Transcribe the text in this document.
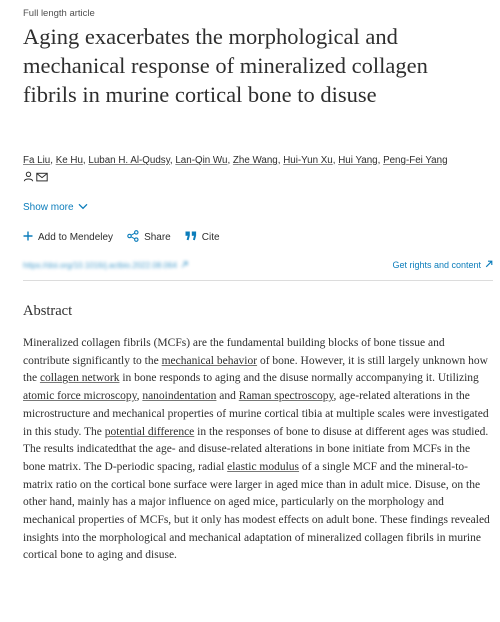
Full length article
Aging exacerbates the morphological and mechanical response of mineralized collagen fibrils in murine cortical bone to disuse
Fa Liu, Ke Hu, Luban H. Al-Qudsy, Lan-Qin Wu, Zhe Wang, Hui-Yun Xu, Hui Yang, Peng-Fei Yang
Show more
Add to Mendeley	Share	Cite
https://doi.org/10.1016/j.actbio.2022.08.064	Get rights and content
Abstract

Mineralized collagen fibrils (MCFs) are the fundamental building blocks of bone tissue and contribute significantly to the mechanical behavior of bone. However, it is still largely unknown how the collagen network in bone responds to aging and the disuse normally accompanying it. Utilizing atomic force microscopy, nanoindentation and Raman spectroscopy, age-related alterations in the microstructure and mechanical properties of murine cortical tibia at multiple scales were investigated in this study. The potential difference in the responses of bone to disuse at different ages was studied. The results indicatedthat the age- and disuse-related alterations in bone initiate from MCFs in the bone matrix. The D-periodic spacing, radial elastic modulus of a single MCF and the mineral-to-matrix ratio on the cortical bone surface were larger in aged mice than in adult mice. Disuse, on the other hand, mainly has a major influence on aged mice, particularly on the morphology and mechanical properties of MCFs, but it only has modest effects on adult bone. These findings revealed insights into the morphological and mechanical adaptation of mineralized collagen fibrils in murine cortical bone to aging and disuse.
